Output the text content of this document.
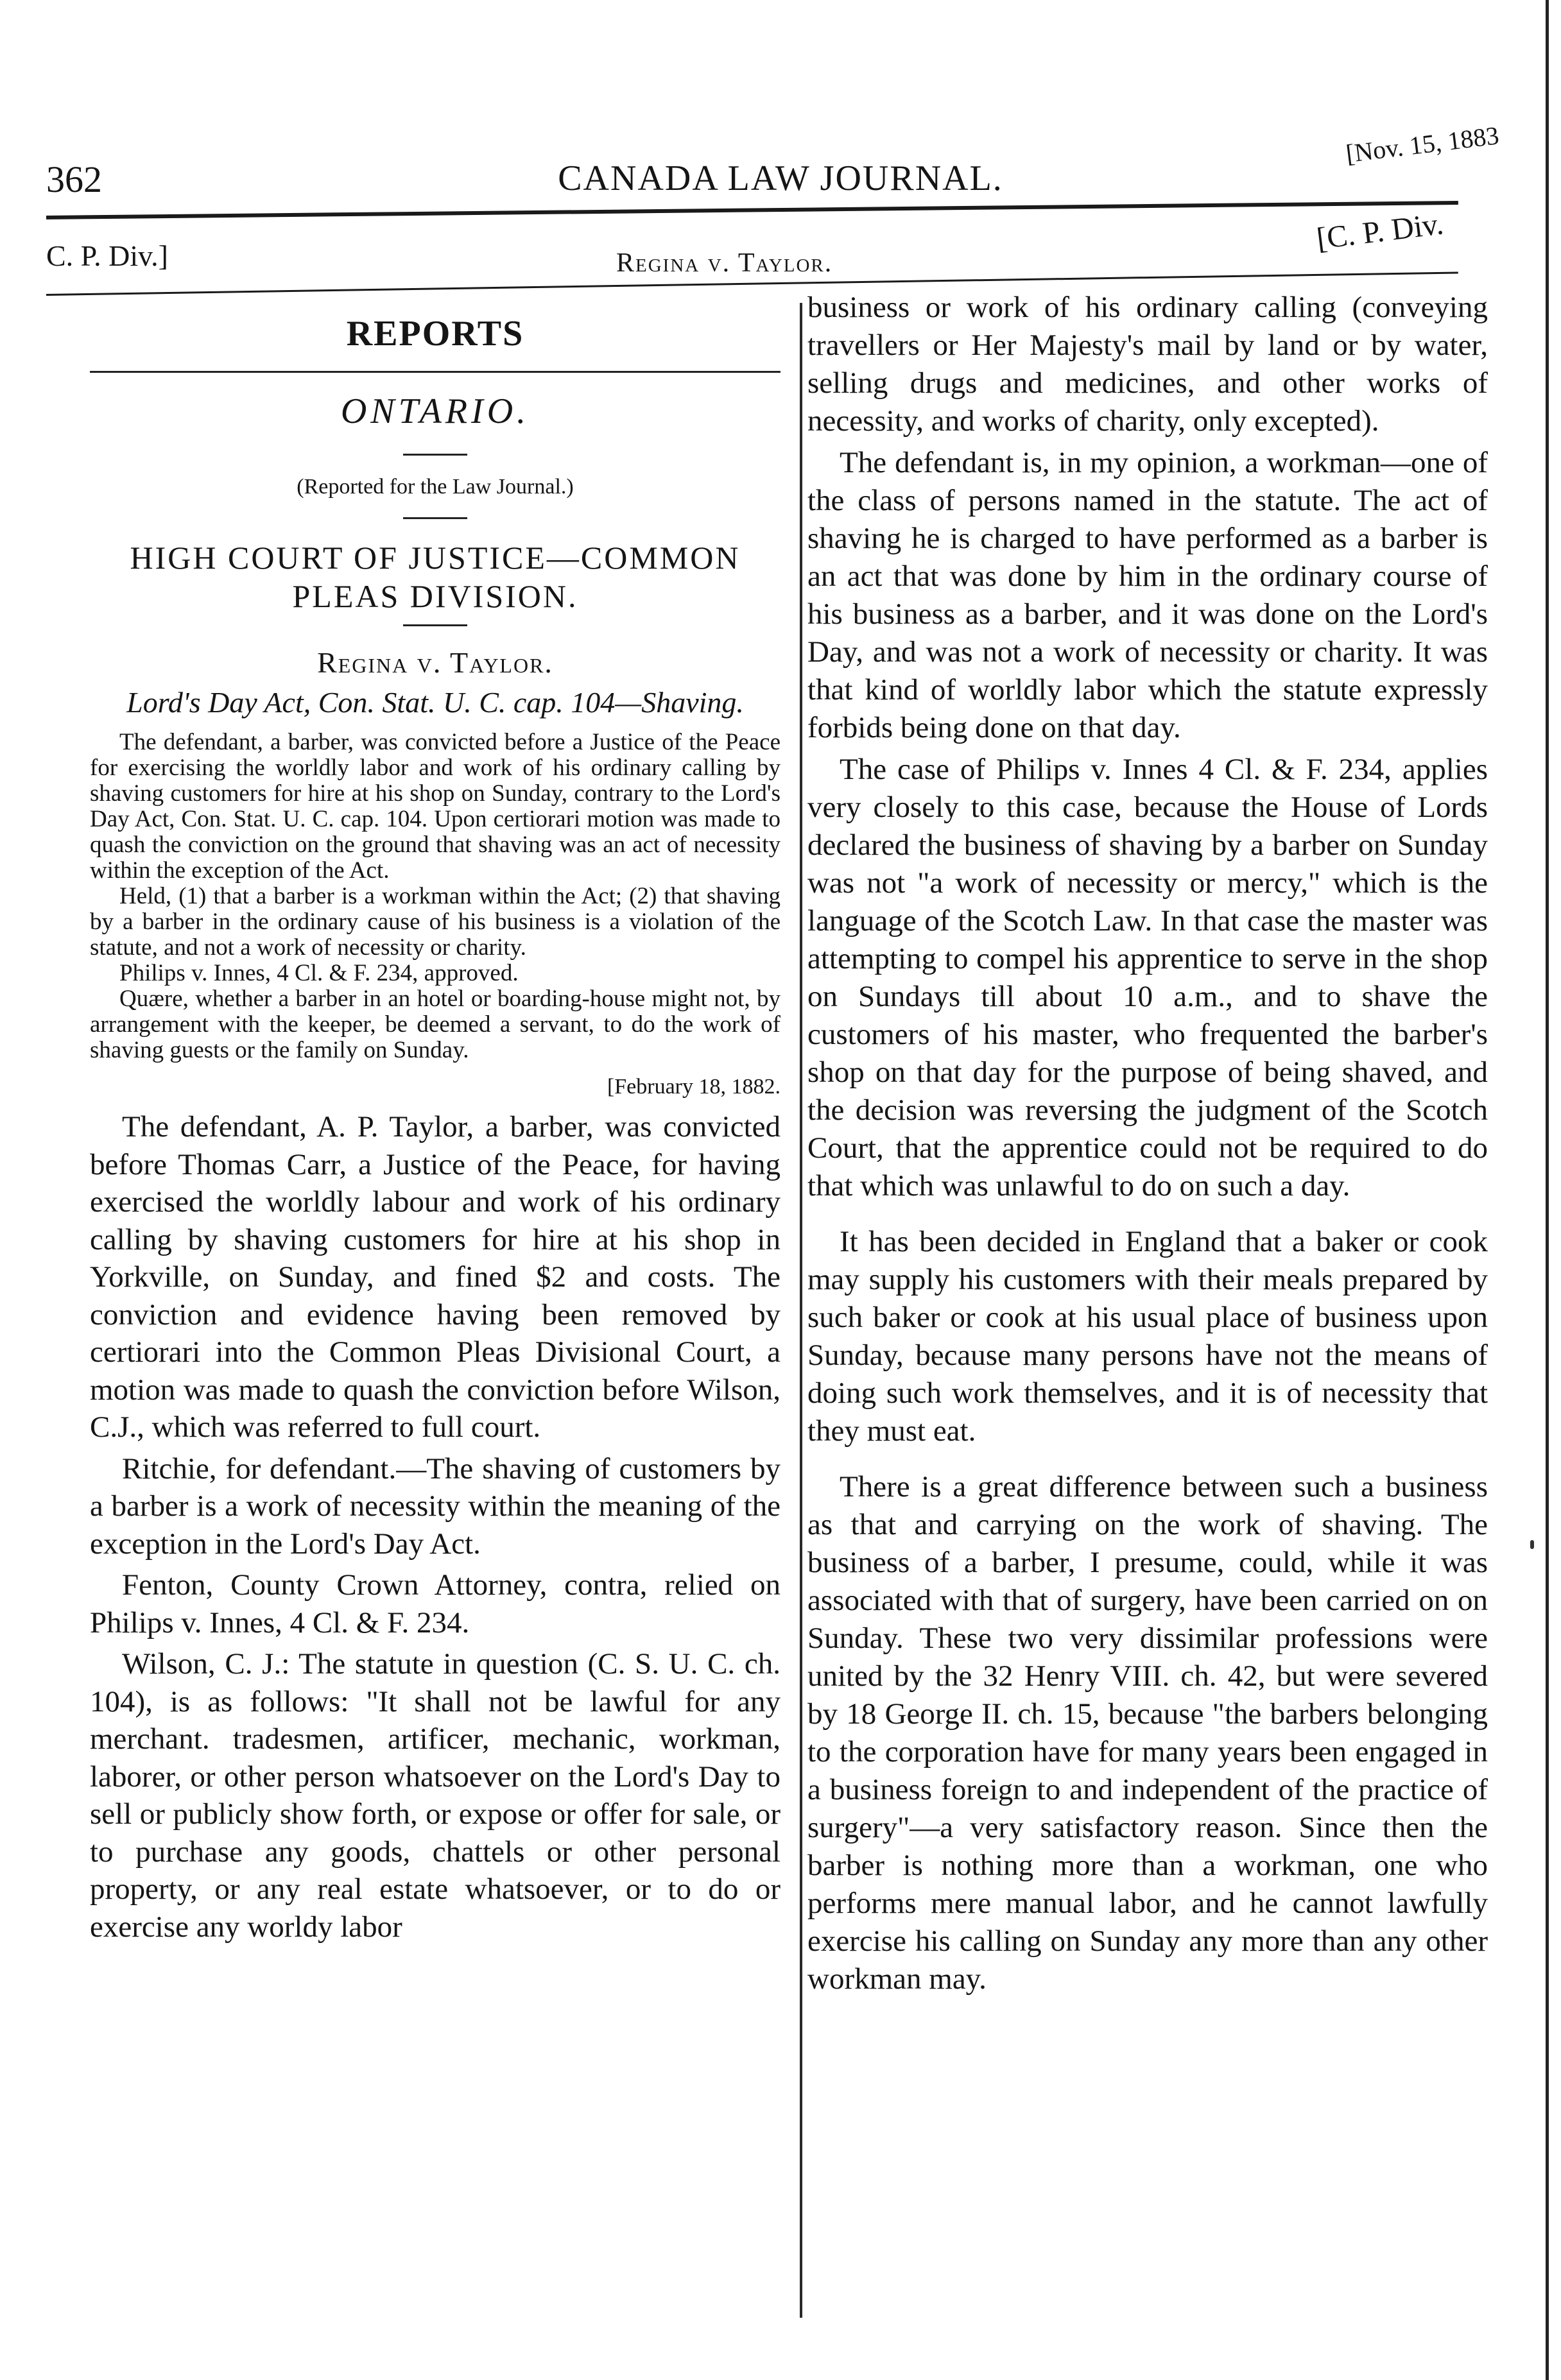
362	CANADA LAW JOURNAL.
[Nov. 15, 1883
C. P. Div.]	Regina v. Taylor.
[C. P. Div.
REPORTS
ONTARIO.
(Reported for the Law Journal.)
HIGH COURT OF JUSTICE—COMMON PLEAS DIVISION.
Regina v. Taylor.
Lord's Day Act, Con. Stat. U. C. cap. 104—Shaving.

The defendant, a barber, was convicted before a Justice of the Peace for exercising the worldly labor and work of his ordinary calling by shaving customers for hire at his shop on Sunday, contrary to the Lord's Day Act, Con. Stat. U. C. cap. 104. Upon certiorari motion was made to quash the conviction on the ground that shaving was an act of necessity within the exception of the Act.

Held, (1) that a barber is a workman within the Act; (2) that shaving by a barber in the ordinary cause of his business is a violation of the statute, and not a work of necessity or charity.

Philips v. Innes, 4 Cl. & F. 234, approved.

Quære, whether a barber in an hotel or boarding-house might not, by arrangement with the keeper, be deemed a servant, to do the work of shaving guests or the family on Sunday.

[February 18, 1882.

The defendant, A. P. Taylor, a barber, was convicted before Thomas Carr, a Justice of the Peace, for having exercised the worldly labour and work of his ordinary calling by shaving customers for hire at his shop in Yorkville, on Sunday, and fined $2 and costs. The conviction and evidence having been removed by certiorari into the Common Pleas Divisional Court, a motion was made to quash the conviction before Wilson, C.J., which was referred to full court.

Ritchie, for defendant.—The shaving of customers by a barber is a work of necessity within the meaning of the exception in the Lord's Day Act.

Fenton, County Crown Attorney, contra, relied on Philips v. Innes, 4 Cl. & F. 234.

Wilson, C. J.: The statute in question (C. S. U. C. ch. 104), is as follows: "It shall not be lawful for any merchant. tradesmen, artificer, mechanic, workman, laborer, or other person whatsoever on the Lord's Day to sell or publicly show forth, or expose or offer for sale, or to purchase any goods, chattels or other personal property, or any real estate whatsoever, or to do or exercise any worldy labor

business or work of his ordinary calling (conveying travellers or Her Majesty's mail by land or by water, selling drugs and medicines, and other works of necessity, and works of charity, only excepted).

The defendant is, in my opinion, a workman—one of the class of persons named in the statute. The act of shaving he is charged to have performed as a barber is an act that was done by him in the ordinary course of his business as a barber, and it was done on the Lord's Day, and was not a work of necessity or charity. It was that kind of worldly labor which the statute expressly forbids being done on that day.

The case of Philips v. Innes 4 Cl. & F. 234, applies very closely to this case, because the House of Lords declared the business of shaving by a barber on Sunday was not "a work of necessity or mercy," which is the language of the Scotch Law. In that case the master was attempting to compel his apprentice to serve in the shop on Sundays till about 10 a.m., and to shave the customers of his master, who frequented the barber's shop on that day for the purpose of being shaved, and the decision was reversing the judgment of the Scotch Court, that the apprentice could not be required to do that which was unlawful to do on such a day.

It has been decided in England that a baker or cook may supply his customers with their meals prepared by such baker or cook at his usual place of business upon Sunday, because many persons have not the means of doing such work themselves, and it is of necessity that they must eat.

There is a great difference between such a business as that and carrying on the work of shaving. The business of a barber, I presume, could, while it was associated with that of surgery, have been carried on on Sunday. These two very dissimilar professions were united by the 32 Henry VIII. ch. 42, but were severed by 18 George II. ch. 15, because "the barbers belonging to the corporation have for many years been engaged in a business foreign to and independent of the practice of surgery"—a very satisfactory reason. Since then the barber is nothing more than a workman, one who performs mere manual labor, and he cannot lawfully exercise his calling on Sunday any more than any other workman may.
